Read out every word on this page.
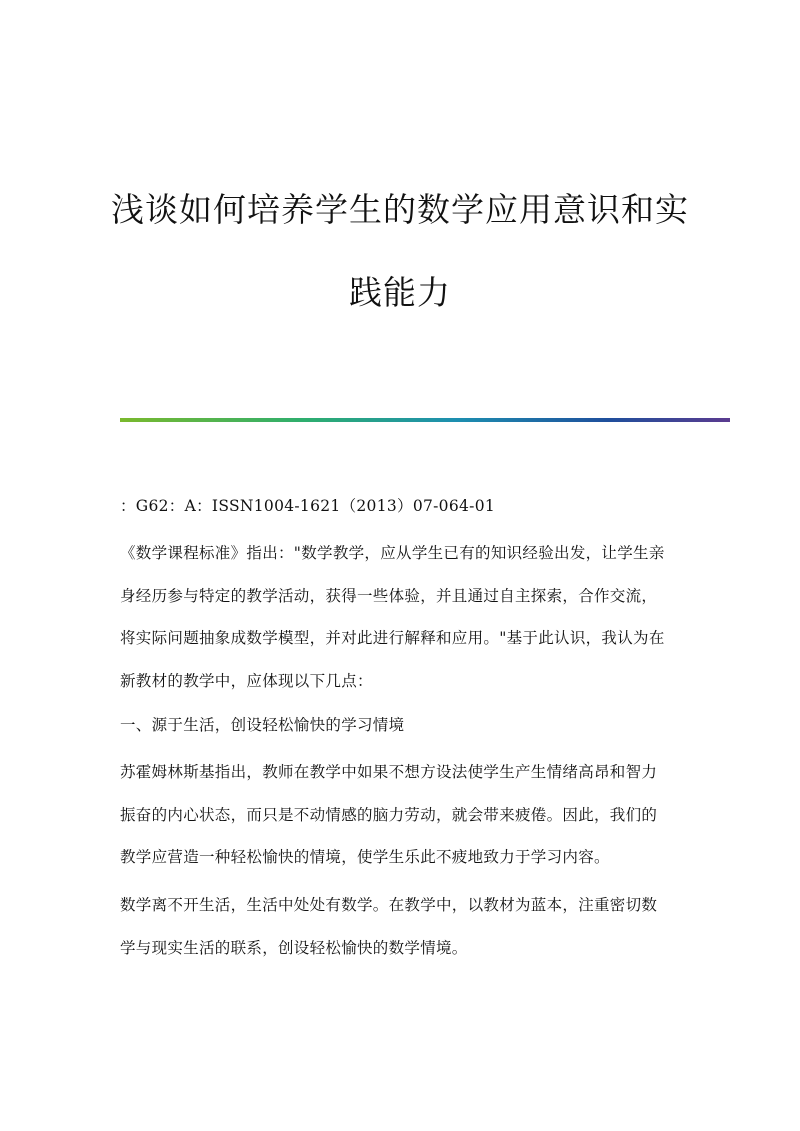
浅谈如何培养学生的数学应用意识和实
践能力

：G62：A：ISSN1004-1621（2013）07-064-01

《数学课程标准》指出："数学教学，应从学生已有的知识经验出发，让学生亲

身经历参与特定的教学活动，获得一些体验，并且通过自主探索，合作交流，

将实际问题抽象成数学模型，并对此进行解释和应用。"基于此认识，我认为在

新教材的教学中，应体现以下几点：

一、源于生活，创设轻松愉快的学习情境

苏霍姆林斯基指出，教师在教学中如果不想方设法使学生产生情绪高昂和智力

振奋的内心状态，而只是不动情感的脑力劳动，就会带来疲倦。因此，我们的

教学应营造一种轻松愉快的情境，使学生乐此不疲地致力于学习内容。

数学离不开生活，生活中处处有数学。在教学中，以教材为蓝本，注重密切数

学与现实生活的联系，创设轻松愉快的数学情境。
